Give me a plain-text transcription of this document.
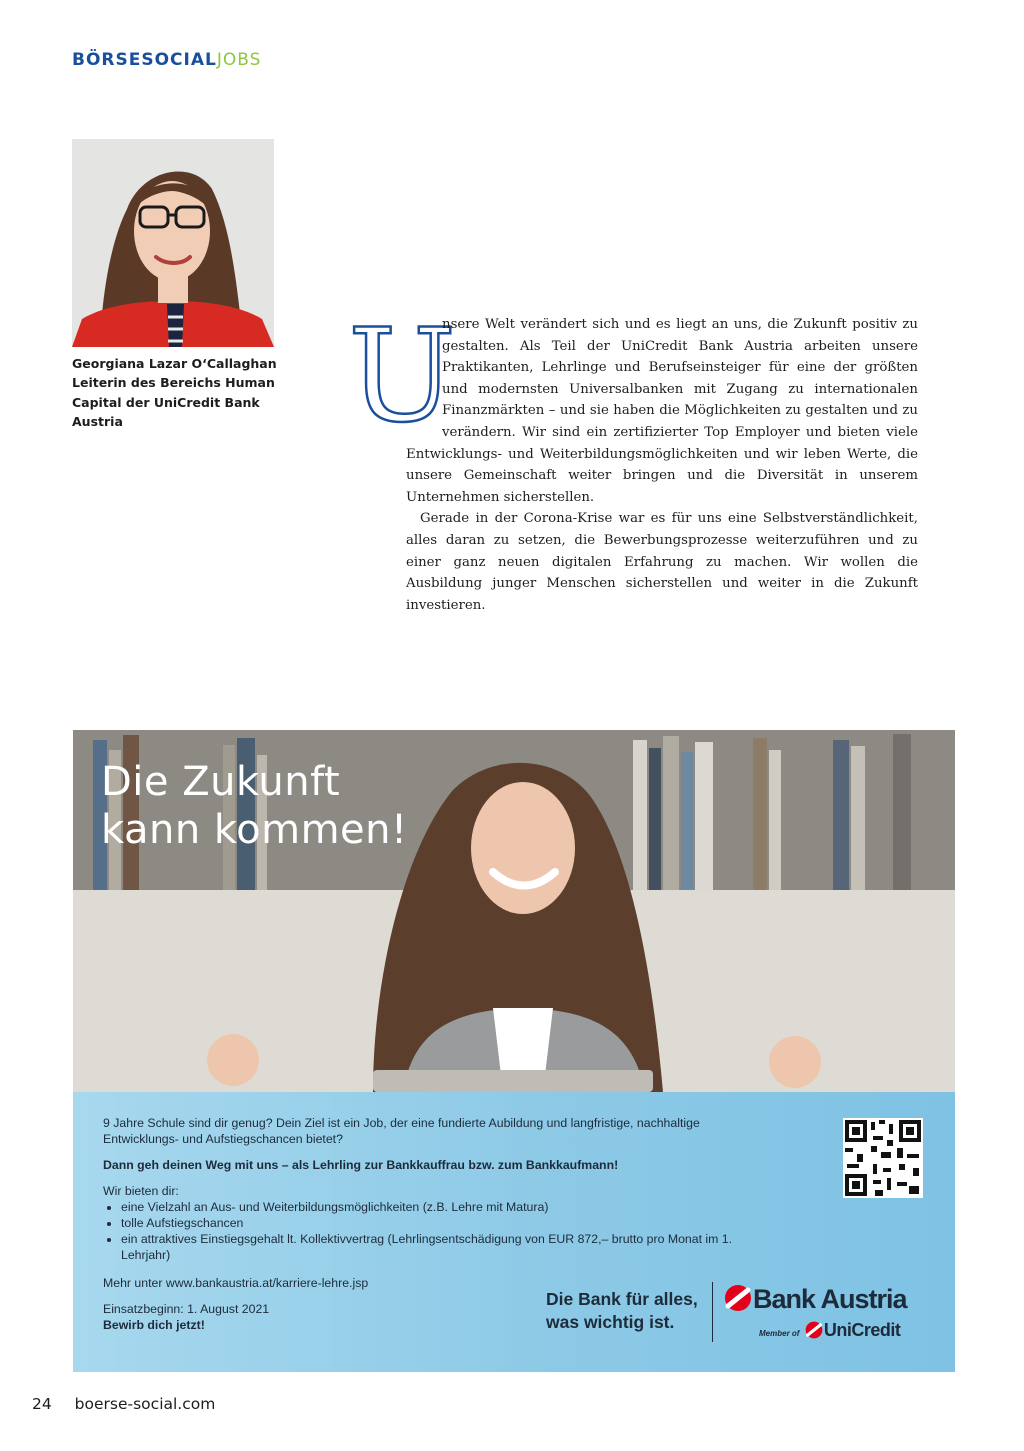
BÖRSESOCIALJOBS
Georgiana Lazar O‘Callaghan
Leiterin des Bereichs Human
Capital der UniCredit Bank
Austria	U

nsere Welt verändert sich und es liegt an uns, die Zukunft positiv zu gestalten. Als Teil der UniCredit Bank Austria arbeiten unsere Praktikanten, Lehrlinge und Berufseinsteiger für eine der größten und modernsten Universalbanken mit Zugang zu internationalen Finanzmärkten – und sie haben die Möglichkeiten zu gestalten und zu verändern. Wir sind ein zertifizierter Top Employer und bieten viele Entwicklungs- und Weiterbildungsmöglichkeiten und wir leben Werte, die unsere Gemeinschaft weiter bringen und die Diversität in unserem Unternehmen sicherstellen.

Gerade in der Corona-Krise war es für uns eine Selbstverständlichkeit, alles daran zu setzen, die Bewerbungsprozesse weiterzuführen und zu einer ganz neuen digitalen Erfahrung zu machen. Wir wollen die Ausbildung junger Menschen sicherstellen und weiter in die Zukunft investieren.

Die Zukunft
kann kommen!

9 Jahre Schule sind dir genug? Dein Ziel ist ein Job, der eine fundierte Aubildung und langfristige, nachhaltige Entwicklungs- und Aufstiegschancen bietet?

Dann geh deinen Weg mit uns – als Lehrling zur Bankkauffrau bzw. zum Bankkaufmann!

Wir bieten dir:
• eine Vielzahl an Aus- und Weiterbildungsmöglichkeiten (z.B. Lehre mit Matura)
• tolle Aufstiegschancen
• ein attraktives Einstiegsgehalt lt. Kollektivvertrag (Lehrlingsentschädigung von EUR 872,– brutto pro Monat im 1. Lehrjahr)

Mehr unter www.bankaustria.at/karriere-lehre.jsp

Einsatzbeginn: 1. August 2021
Bewirb dich jetzt!
Die Bank für alles,
was wichtig ist.
Bank Austria
Member of UniCredit
24 boerse-social.com
